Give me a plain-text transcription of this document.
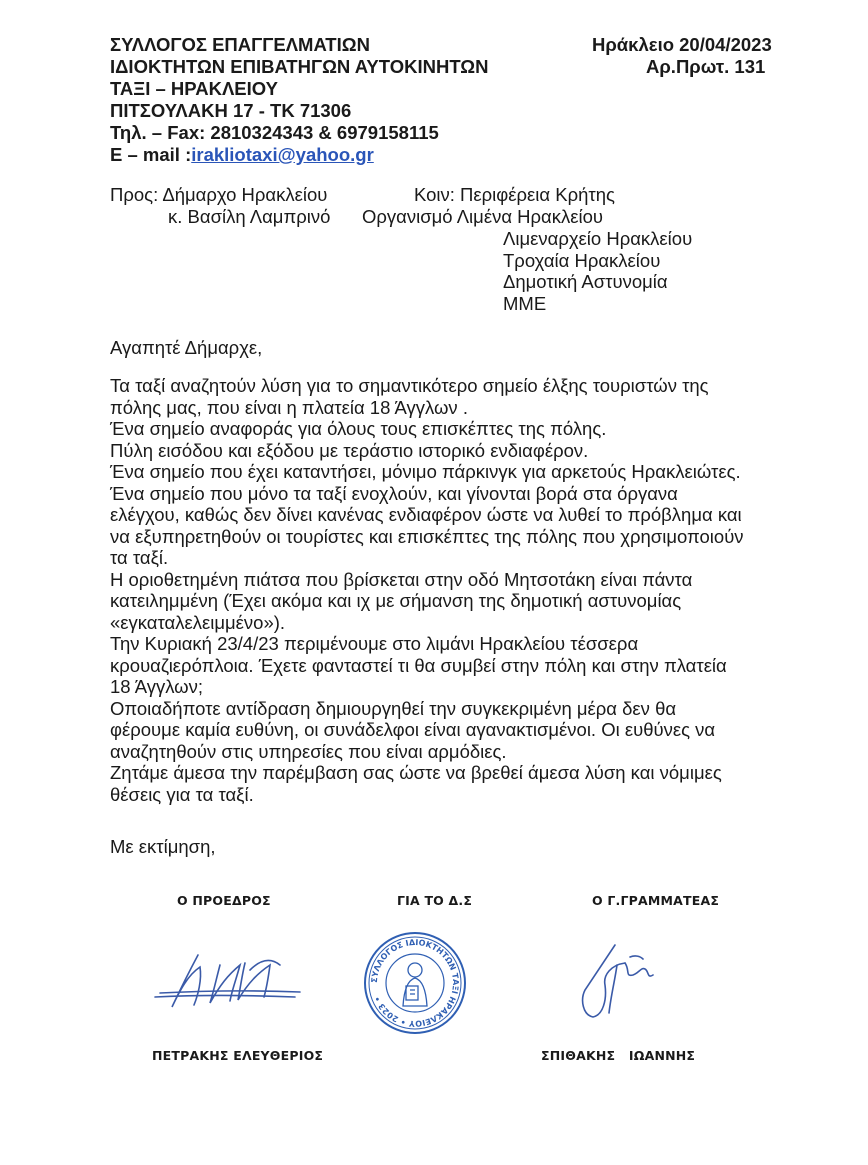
ΣΥΛΛΟΓΟΣ ΕΠΑΓΓΕΛΜΑΤΙΩΝ
ΙΔΙΟΚΤΗΤΩΝ ΕΠΙΒΑΤΗΓΩΝ ΑΥΤΟΚΙΝΗΤΩΝ
ΤΑΞΙ – ΗΡΑΚΛΕΙΟΥ
ΠΙΤΣΟΥΛΑΚΗ 17 - ΤΚ 71306
Τηλ. – Fax: 2810324343 & 6979158115
E – mail :irakliotaxi@yahoo.gr
Ηράκλειο 20/04/2023
Αρ.Πρωτ. 131
Προς: Δήμαρχο Ηρακλείου
κ. Βασίλη Λαμπρινό
Κοιν: Περιφέρεια Κρήτης
Οργανισμό Λιμένα Ηρακλείου
Λιμεναρχείο Ηρακλείου
Τροχαία Ηρακλείου
Δημοτική Αστυνομία
ΜΜΕ
Αγαπητέ Δήμαρχε,

Τα ταξί αναζητούν λύση για το σημαντικότερο σημείο έλξης τουριστών της

πόλης μας, που είναι η πλατεία 18 Άγγλων .

Ένα σημείο αναφοράς για όλους τους επισκέπτες της πόλης.

Πύλη εισόδου και εξόδου με τεράστιο ιστορικό ενδιαφέρον.

Ένα σημείο που έχει καταντήσει, μόνιμο πάρκινγκ για αρκετούς Ηρακλειώτες.

Ένα σημείο που μόνο τα ταξί ενοχλούν, και γίνονται βορά στα όργανα

ελέγχου, καθώς δεν δίνει κανένας ενδιαφέρον ώστε να λυθεί το πρόβλημα και

να εξυπηρετηθούν οι τουρίστες και επισκέπτες της πόλης που χρησιμοποιούν

τα ταξί.

Η οριοθετημένη πιάτσα που βρίσκεται στην οδό Μητσοτάκη είναι πάντα

κατειλημμένη (Έχει ακόμα και ιχ με σήμανση της δημοτική αστυνομίας

«εγκαταλελειμμένο»).

Την Κυριακή 23/4/23 περιμένουμε στο λιμάνι Ηρακλείου τέσσερα

κρουαζιερόπλοια. Έχετε φανταστεί τι θα συμβεί στην πόλη και στην πλατεία

18 Άγγλων;

Οποιαδήποτε αντίδραση δημιουργηθεί την συγκεκριμένη μέρα δεν θα

φέρουμε καμία ευθύνη, οι συνάδελφοι είναι αγανακτισμένοι. Οι ευθύνες να

αναζητηθούν στις υπηρεσίες που είναι αρμόδιες.

Ζητάμε άμεσα την παρέμβαση σας ώστε να βρεθεί άμεσα λύση και νόμιμες

θέσεις για τα ταξί.

Με εκτίμηση,
Ο ΠΡΟΕΔΡΟΣ	ΓΙΑ ΤΟ Δ.Σ	Ο Γ.ΓΡΑΜΜΑΤΕΑΣ
ΣΥΛΛΟΓΟΣ ΙΔΙΟΚΤΗΤΩΝ ΤΑΞΙ ΗΡΑΚΛΕΙΟΥ • 2023 •
ΠΕΤΡΑΚΗΣ ΕΛΕΥΘΕΡΙΟΣ	ΣΠΙΘΑΚΗΣ   ΙΩΑΝΝΗΣ
